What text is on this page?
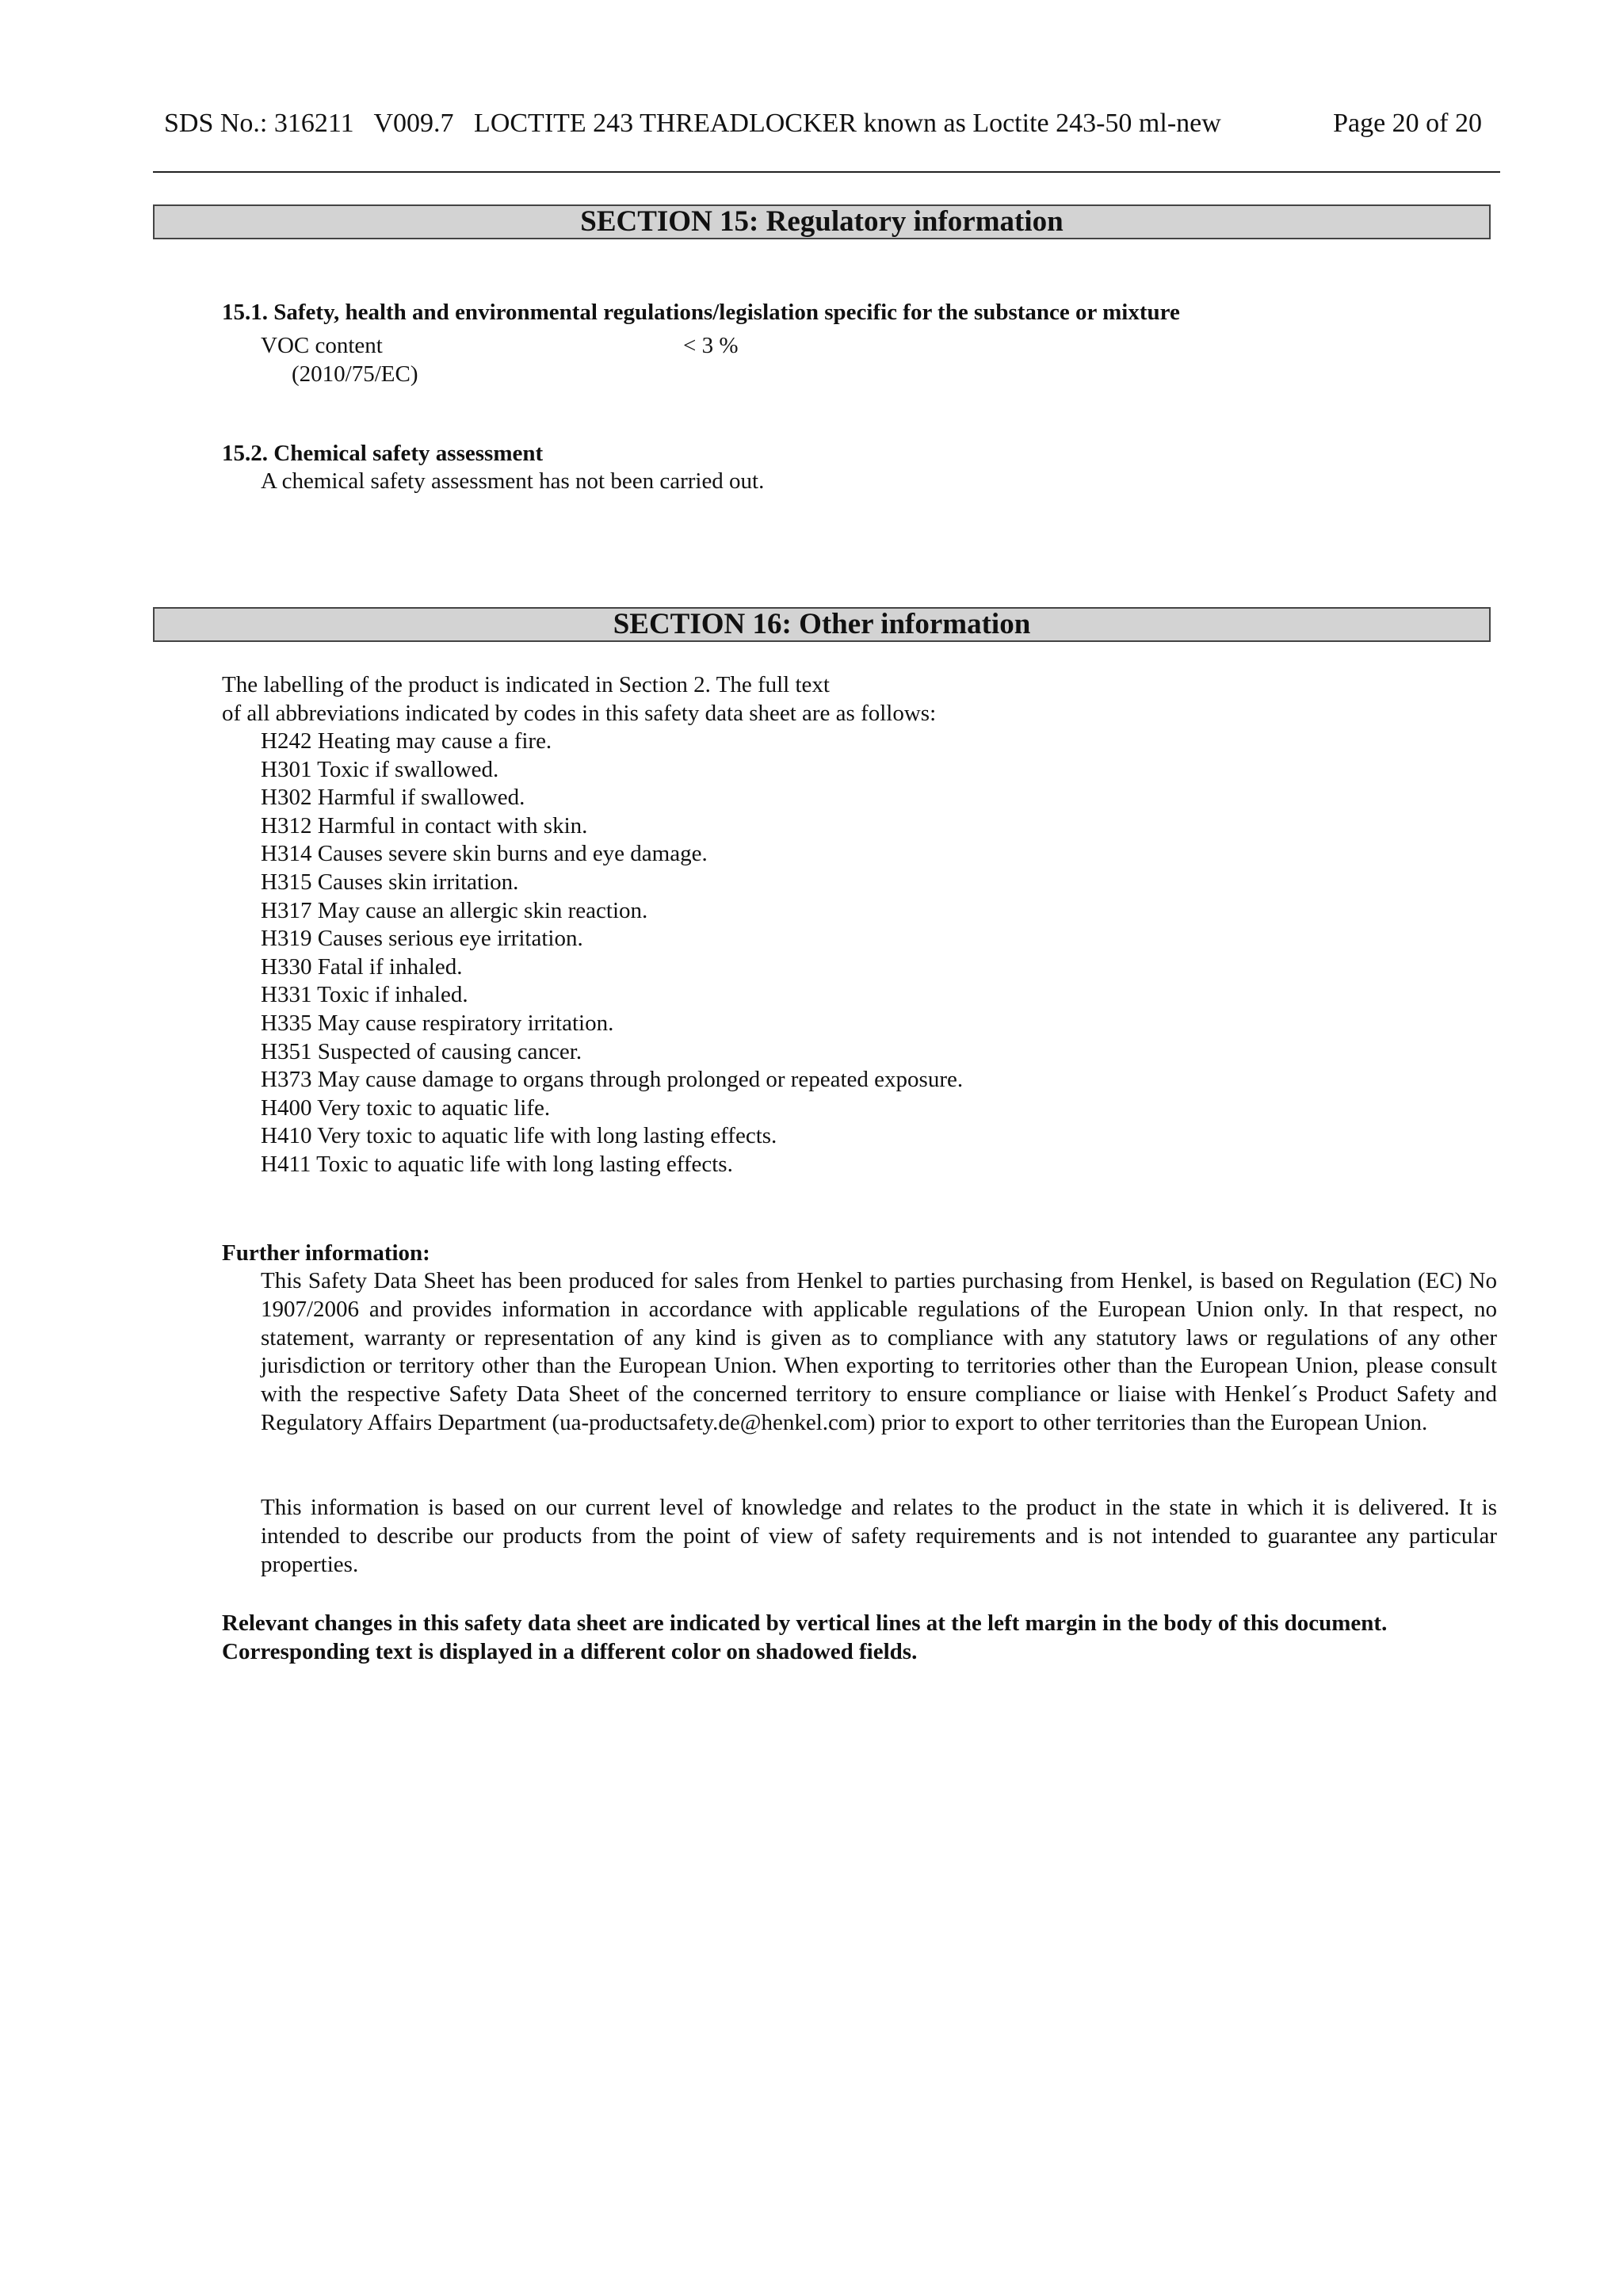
SDS No.: 316211   V009.7   LOCTITE 243 THREADLOCKER known as Loctite 243-50 ml-new	Page 20 of 20
SECTION 15: Regulatory information
15.1. Safety, health and environmental regulations/legislation specific for the substance or mixture
VOC content	< 3 %
(2010/75/EC)
15.2. Chemical safety assessment
A chemical safety assessment has not been carried out.
SECTION 16: Other information
The labelling of the product is indicated in Section 2. The full text
of all abbreviations indicated by codes in this safety data sheet are as follows:
H242 Heating may cause a fire.
H301 Toxic if swallowed.
H302 Harmful if swallowed.
H312 Harmful in contact with skin.
H314 Causes severe skin burns and eye damage.
H315 Causes skin irritation.
H317 May cause an allergic skin reaction.
H319 Causes serious eye irritation.
H330 Fatal if inhaled.
H331 Toxic if inhaled.
H335 May cause respiratory irritation.
H351 Suspected of causing cancer.
H373 May cause damage to organs through prolonged or repeated exposure.
H400 Very toxic to aquatic life.
H410 Very toxic to aquatic life with long lasting effects.
H411 Toxic to aquatic life with long lasting effects.
Further information:
This Safety Data Sheet has been produced for sales from Henkel to parties purchasing from Henkel, is based on Regulation (EC) No 1907/2006 and provides information in accordance with applicable regulations of the European Union only. In that respect, no statement, warranty or representation of any kind is given as to compliance with any statutory laws or regulations of any other jurisdiction or territory other than the European Union. When exporting to territories other than the European Union, please consult with the respective Safety Data Sheet of the concerned territory to ensure compliance or liaise with Henkel´s Product Safety and Regulatory Affairs Department (ua-productsafety.de@henkel.com) prior to export to other territories than the European Union.
This information is based on our current level of knowledge and relates to the product in the state in which it is delivered. It is intended to describe our products from the point of view of safety requirements and is not intended to guarantee any particular properties.
Relevant changes in this safety data sheet are indicated by vertical lines at the left margin in the body of this document. Corresponding text is displayed in a different color on shadowed fields.
